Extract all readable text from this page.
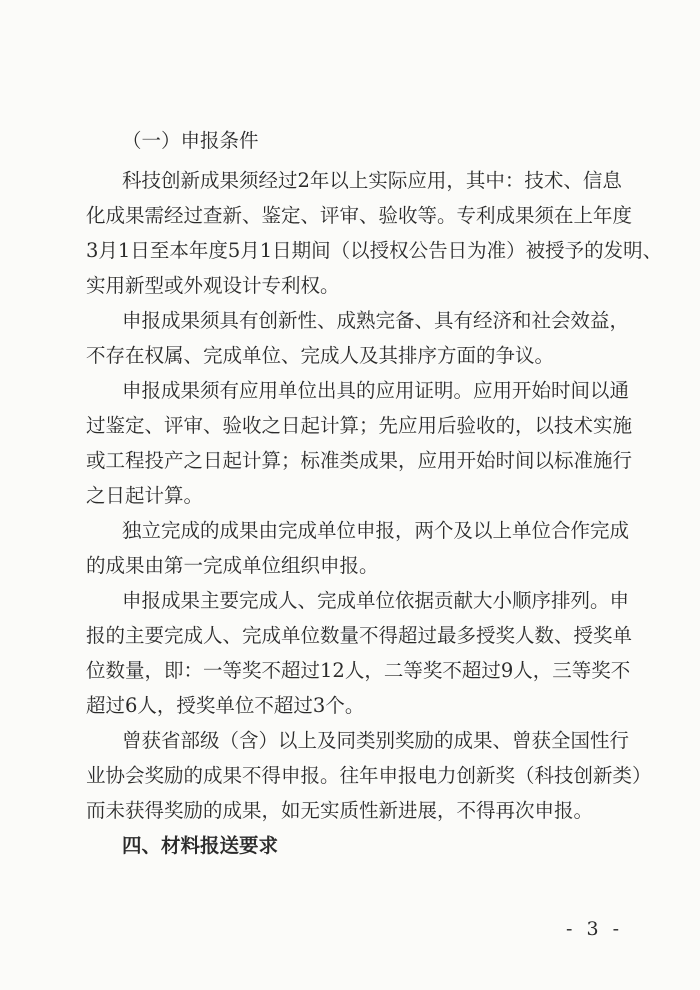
（一）申报条件
科技创新成果须经过2年以上实际应用，其中：技术、信息
化成果需经过查新、鉴定、评审、验收等。专利成果须在上年度
3月1日至本年度5月1日期间（以授权公告日为准）被授予的发明、
实用新型或外观设计专利权。
申报成果须具有创新性、成熟完备、具有经济和社会效益，
不存在权属、完成单位、完成人及其排序方面的争议。
申报成果须有应用单位出具的应用证明。应用开始时间以通
过鉴定、评审、验收之日起计算；先应用后验收的，以技术实施
或工程投产之日起计算；标准类成果，应用开始时间以标准施行
之日起计算。
独立完成的成果由完成单位申报，两个及以上单位合作完成
的成果由第一完成单位组织申报。
申报成果主要完成人、完成单位依据贡献大小顺序排列。申
报的主要完成人、完成单位数量不得超过最多授奖人数、授奖单
位数量，即：一等奖不超过12人，二等奖不超过9人，三等奖不
超过6人，授奖单位不超过3个。
曾获省部级（含）以上及同类别奖励的成果、曾获全国性行
业协会奖励的成果不得申报。往年申报电力创新奖（科技创新类）
而未获得奖励的成果，如无实质性新进展，不得再次申报。
四、材料报送要求
- 3 -
